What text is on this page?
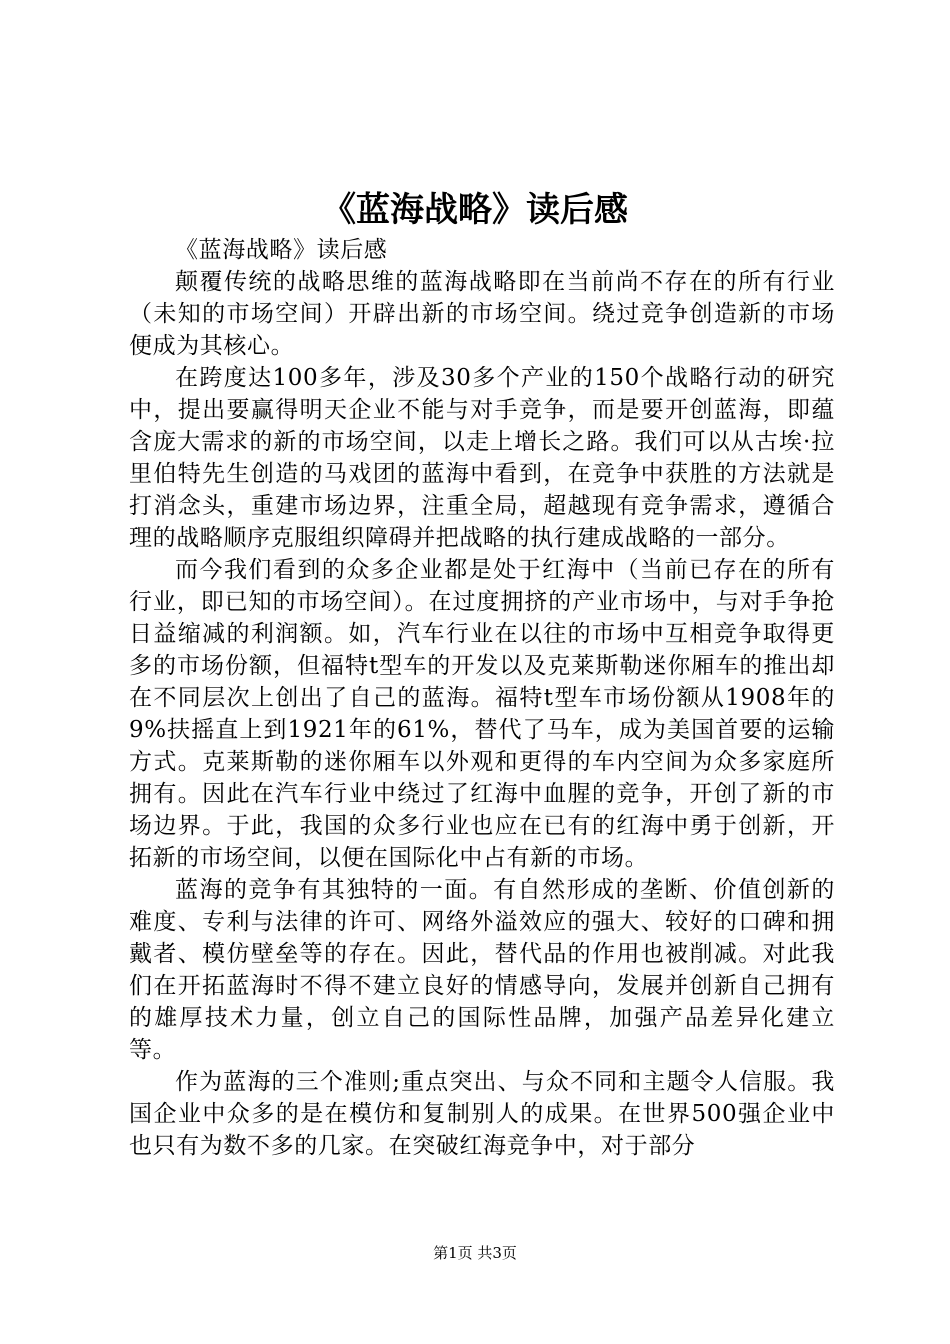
《蓝海战略》读后感

《蓝海战略》读后感

颠覆传统的战略思维的蓝海战略即在当前尚不存在的所有行业（未知的市场空间）开辟出新的市场空间。绕过竞争创造新的市场便成为其核心。

在跨度达100多年，涉及30多个产业的150个战略行动的研究中，提出要赢得明天企业不能与对手竞争，而是要开创蓝海，即蕴含庞大需求的新的市场空间，以走上增长之路。我们可以从古埃·拉里伯特先生创造的马戏团的蓝海中看到，在竞争中获胜的方法就是打消念头，重建市场边界，注重全局，超越现有竞争需求，遵循合理的战略顺序克服组织障碍并把战略的执行建成战略的一部分。

而今我们看到的众多企业都是处于红海中（当前已存在的所有行业，即已知的市场空间）。在过度拥挤的产业市场中，与对手争抢日益缩减的利润额。如，汽车行业在以往的市场中互相竞争取得更多的市场份额，但福特t型车的开发以及克莱斯勒迷你厢车的推出却在不同层次上创出了自己的蓝海。福特t型车市场份额从1908年的9%扶摇直上到1921年的61%，替代了马车，成为美国首要的运输方式。克莱斯勒的迷你厢车以外观和更得的车内空间为众多家庭所拥有。因此在汽车行业中绕过了红海中血腥的竞争，开创了新的市场边界。于此，我国的众多行业也应在已有的红海中勇于创新，开拓新的市场空间，以便在国际化中占有新的市场。

蓝海的竞争有其独特的一面。有自然形成的垄断、价值创新的难度、专利与法律的许可、网络外溢效应的强大、较好的口碑和拥戴者、模仿壁垒等的存在。因此，替代品的作用也被削减。对此我们在开拓蓝海时不得不建立良好的情感导向，发展并创新自己拥有的雄厚技术力量，创立自己的国际性品牌，加强产品差异化建立等。

作为蓝海的三个准则;重点突出、与众不同和主题令人信服。我国企业中众多的是在模仿和复制别人的成果。在世界500强企业中也只有为数不多的几家。在突破红海竞争中，对于部分

第1页 共3页
